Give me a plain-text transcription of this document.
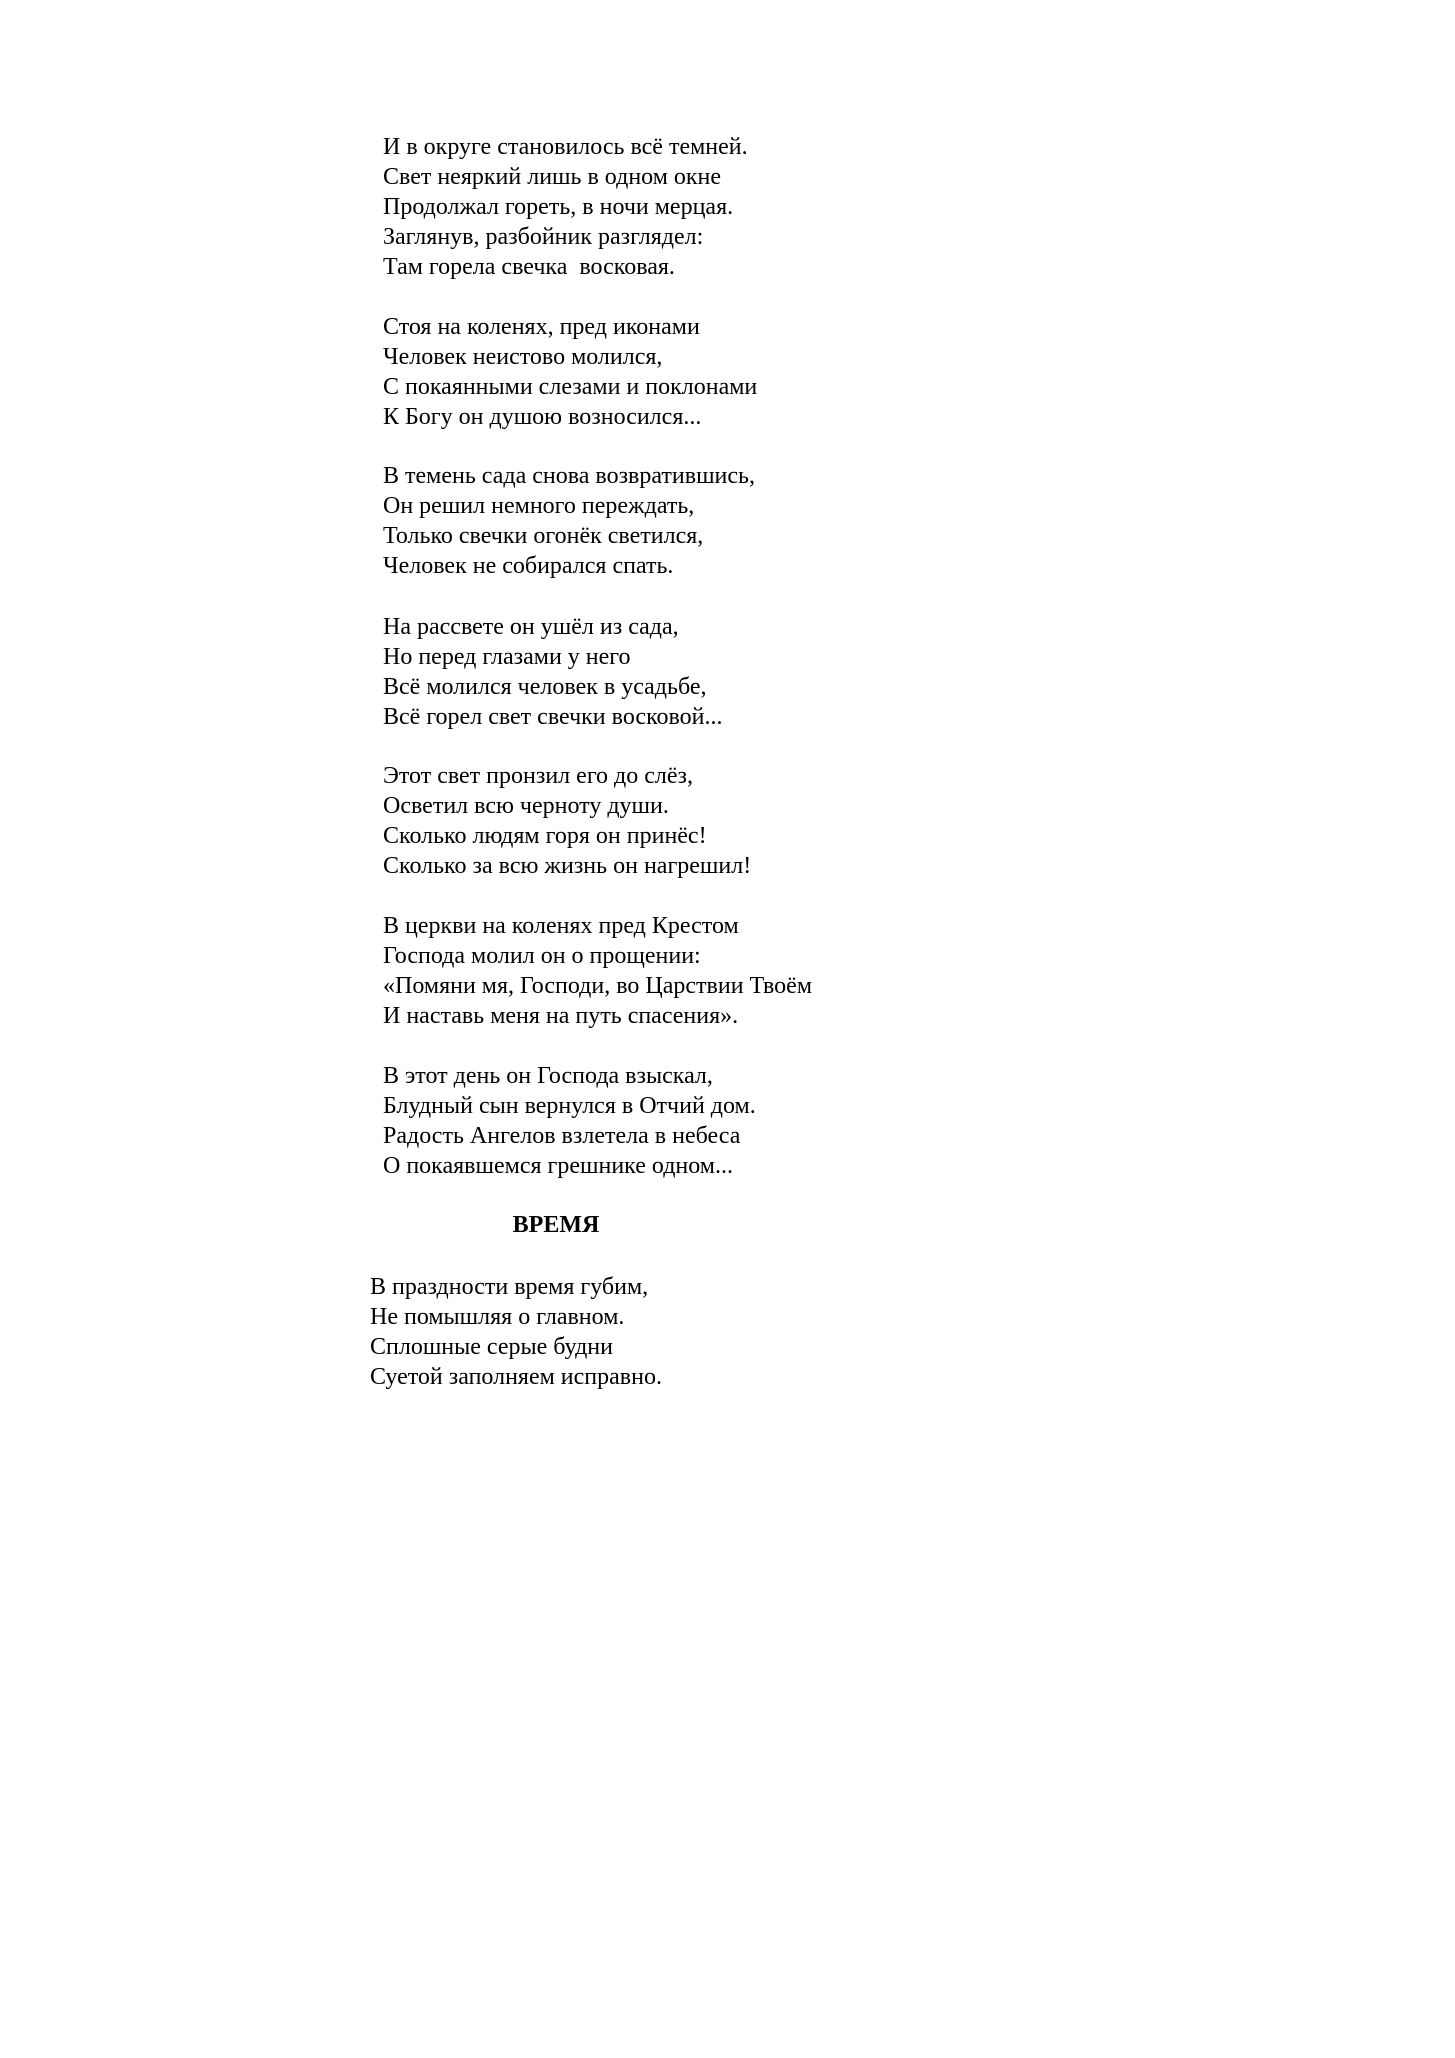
И в округе становилось всё темней.
Свет неяркий лишь в одном окне
Продолжал гореть, в ночи мерцая.
Заглянув, разбойник разглядел:
Там горела свечка  восковая.
Стоя на коленях, пред иконами
Человек неистово молился,
С покаянными слезами и поклонами
К Богу он душою возносился...
В темень сада снова возвратившись,
Он решил немного переждать,
Только свечки огонёк светился,
Человек не собирался спать.
На рассвете он ушёл из сада,
Но перед глазами у него
Всё молился человек в усадьбе,
Всё горел свет свечки восковой...
Этот свет пронзил его до слёз,
Осветил всю черноту души.
Сколько людям горя он принёс!
Сколько за всю жизнь он нагрешил!
В церкви на коленях пред Крестом
Господа молил он о прощении:
«Помяни мя, Господи, во Царствии Твоём
И наставь меня на путь спасения».
В этот день он Господа взыскал,
Блудный сын вернулся в Отчий дом.
Радость Ангелов взлетела в небеса
О покаявшемся грешнике одном...
ВРЕМЯ
В праздности время губим,
Не помышляя о главном.
Сплошные серые будни
Суетой заполняем исправно.
